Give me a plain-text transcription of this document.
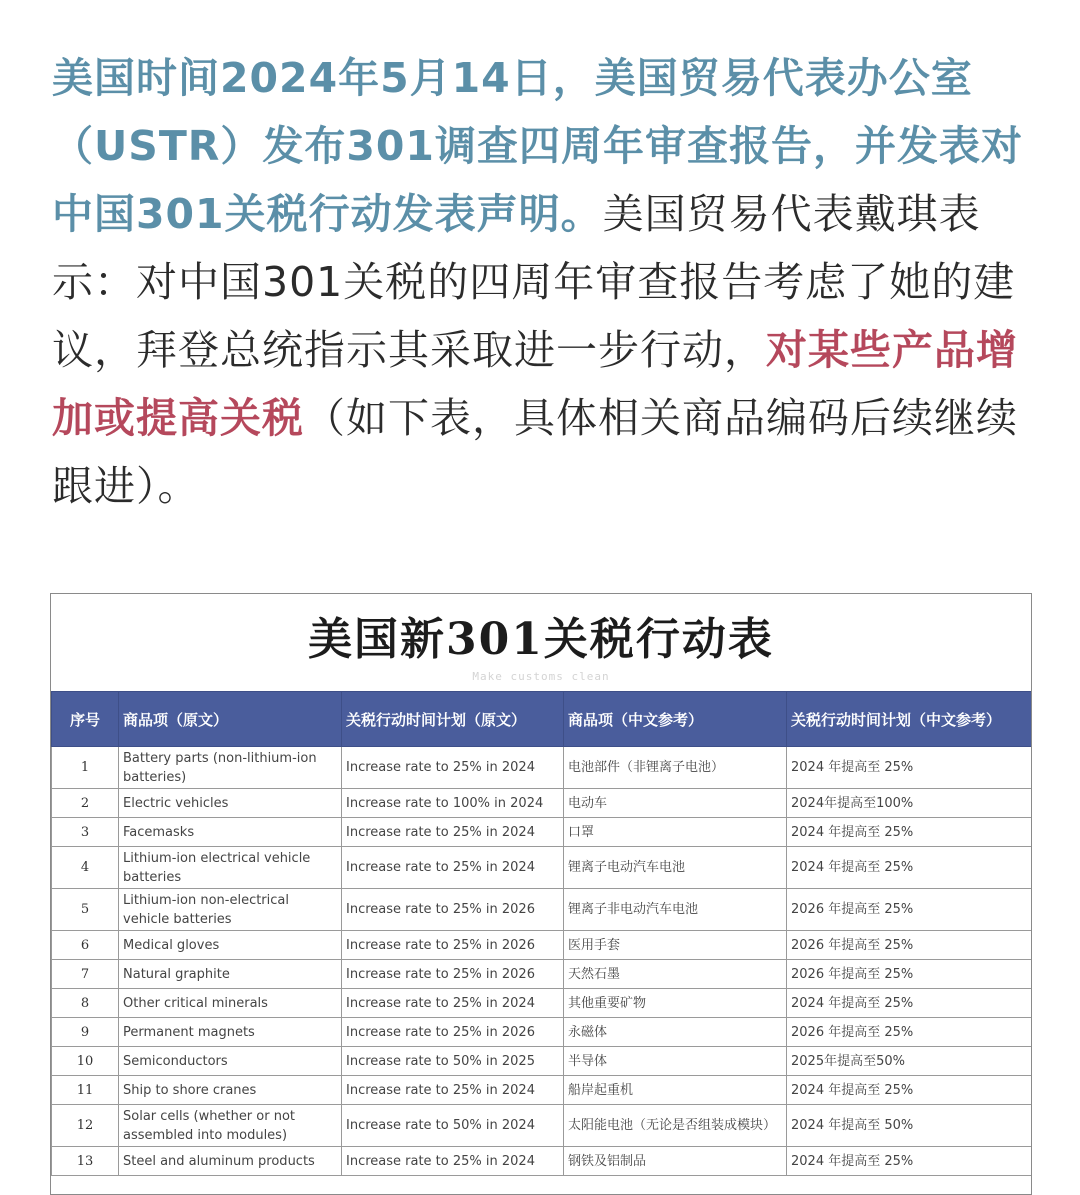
美国时间2024年5月14日，美国贸易代表办公室（USTR）发布301调查四周年审查报告，并发表对中国301关税行动发表声明。美国贸易代表戴琪表示：对中国301关税的四周年审查报告考虑了她的建议，拜登总统指示其采取进一步行动，对某些产品增加或提高关税（如下表，具体相关商品编码后续继续跟进）。
美国新301关税行动表
Make customs clean
序号	商品项（原文）	关税行动时间计划（原文）	商品项（中文参考）	关税行动时间计划（中文参考）
1	Battery parts (non-lithium-ion batteries)	Increase rate to 25% in 2024	电池部件（非锂离子电池）	2024 年提高至 25%
2	Electric vehicles	Increase rate to 100% in 2024	电动车	2024年提高至100%
3	Facemasks	Increase rate to 25% in 2024	口罩	2024 年提高至 25%
4	Lithium-ion electrical vehicle batteries	Increase rate to 25% in 2024	锂离子电动汽车电池	2024 年提高至 25%
5	Lithium-ion non-electrical vehicle batteries	Increase rate to 25% in 2026	锂离子非电动汽车电池	2026 年提高至 25%
6	Medical gloves	Increase rate to 25% in 2026	医用手套	2026 年提高至 25%
7	Natural graphite	Increase rate to 25% in 2026	天然石墨	2026 年提高至 25%
8	Other critical minerals	Increase rate to 25% in 2024	其他重要矿物	2024 年提高至 25%
9	Permanent magnets	Increase rate to 25% in 2026	永磁体	2026 年提高至 25%
10	Semiconductors	Increase rate to 50% in 2025	半导体	2025年提高至50%
11	Ship to shore cranes	Increase rate to 25% in 2024	船岸起重机	2024 年提高至 25%
12	Solar cells (whether or not assembled into modules)	Increase rate to 50% in 2024	太阳能电池（无论是否组装成模块）	2024 年提高至 50%
13	Steel and aluminum products	Increase rate to 25% in 2024	钢铁及铝制品	2024 年提高至 25%
